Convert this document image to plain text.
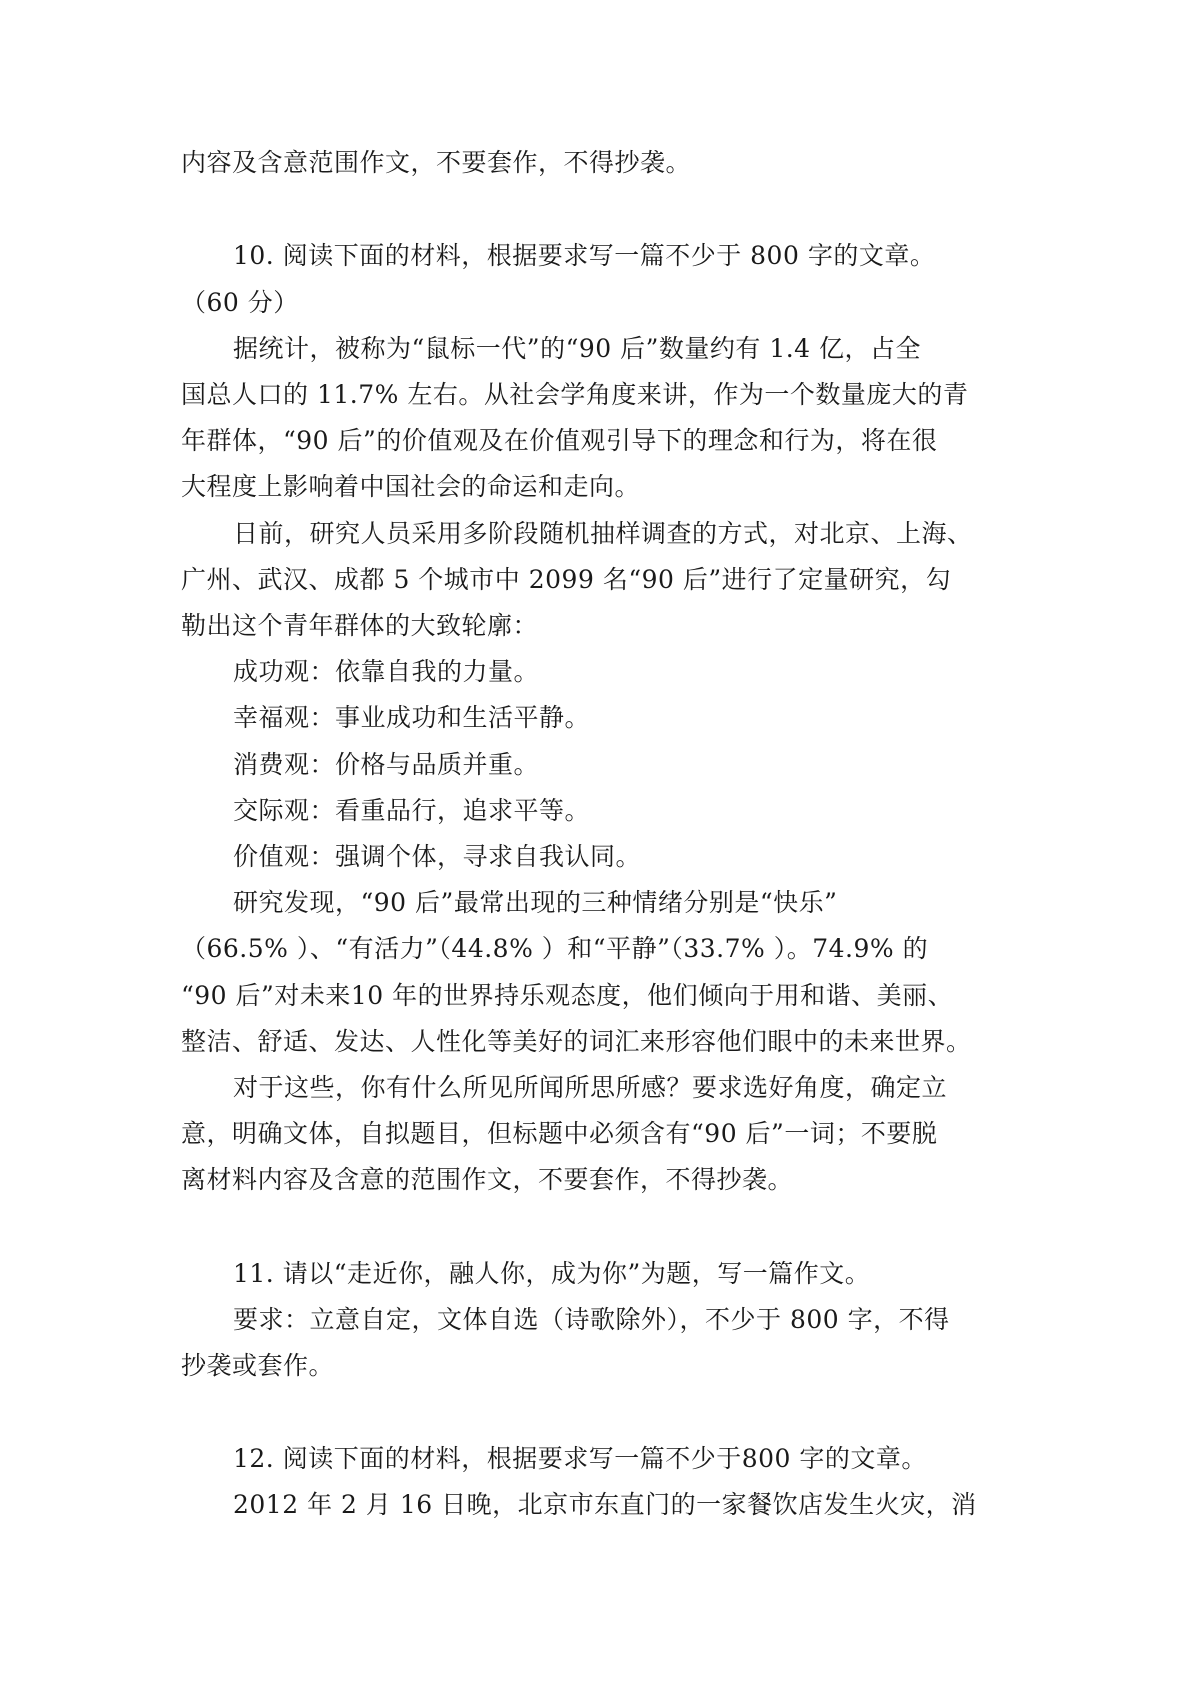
内容及含意范围作文，不要套作，不得抄袭。
10. 阅读下面的材料，根据要求写一篇不少于 800 字的文章。
（60 分）
据统计，被称为“鼠标一代”的“90 后”数量约有 1.4 亿，占全
国总人口的 11.7% 左右。从社会学角度来讲，作为一个数量庞大的青
年群体，“90 后”的价值观及在价值观引导下的理念和行为，将在很
大程度上影响着中国社会的命运和走向。
日前，研究人员采用多阶段随机抽样调查的方式，对北京、上海、
广州、武汉、成都 5 个城市中 2099 名“90 后”进行了定量研究，勾
勒出这个青年群体的大致轮廓：
成功观：依靠自我的力量。
幸福观：事业成功和生活平静。
消费观：价格与品质并重。
交际观：看重品行，追求平等。
价值观：强调个体，寻求自我认同。
研究发现，“90 后”最常出现的三种情绪分别是“快乐”
（66.5% ）、“有活力”（44.8% ）和“平静”（33.7% ）。74.9% 的
“90 后”对未来10 年的世界持乐观态度，他们倾向于用和谐、美丽、
整洁、舒适、发达、人性化等美好的词汇来形容他们眼中的未来世界。
对于这些，你有什么所见所闻所思所感？要求选好角度，确定立
意，明确文体，自拟题目，但标题中必须含有“90 后”一词；不要脱
离材料内容及含意的范围作文，不要套作，不得抄袭。
11. 请以“走近你，融人你，成为你”为题，写一篇作文。
要求：立意自定，文体自选（诗歌除外），不少于 800 字，不得
抄袭或套作。
12. 阅读下面的材料，根据要求写一篇不少于800 字的文章。
2012 年 2 月 16 日晚，北京市东直门的一家餐饮店发生火灾，消
